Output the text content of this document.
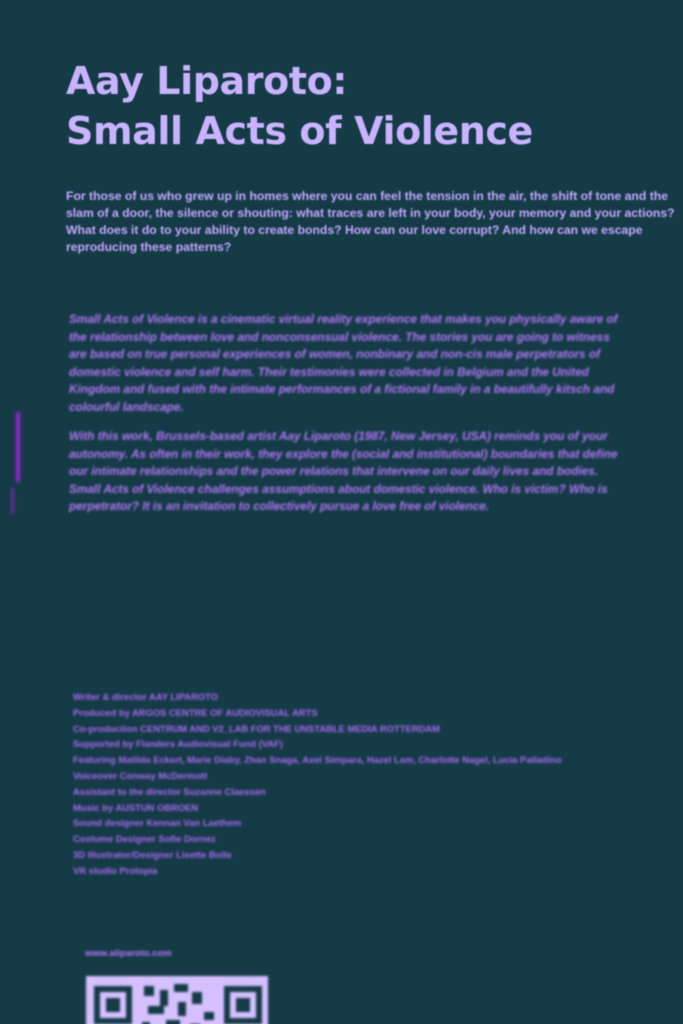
Aay Liparoto:
Small Acts of Violence

For those of us who grew up in homes where you can feel the tension in the air, the shift of tone and the slam of a door, the silence or shouting: what traces are left in your body, your memory and your actions? What does it do to your ability to create bonds? How can our love corrupt? And how can we escape reproducing these patterns?

Small Acts of Violence is a cinematic virtual reality experience that makes you physically aware of the relationship between love and nonconsensual violence. The stories you are going to witness are based on true personal experiences of women, nonbinary and non-cis male perpetrators of domestic violence and self harm. Their testimonies were collected in Belgium and the United Kingdom and fused with the intimate performances of a fictional family in a beautifully kitsch and colourful landscape.

With this work, Brussels-based artist Aay Liparoto (1987, New Jersey, USA) reminds you of your autonomy. As often in their work, they explore the (social and institutional) boundaries that define our intimate relationships and the power relations that intervene on our daily lives and bodies. Small Acts of Violence challenges assumptions about domestic violence. Who is victim? Who is perpetrator? It is an invitation to collectively pursue a love free of violence.

Writer & director AAY LIPAROTO
Produced by ARGOS CENTRE OF AUDIOVISUAL ARTS
Co-production CENTRUM AND V2_LAB FOR THE UNSTABLE MEDIA ROTTERDAM
Supported by Flanders Audiovisual Fund (VAF)
Featuring Matilda Eckert, Marie Diaby, Zhan Snaga, Axel Simpara, Hazel Lam, Charlotte Nagel, Lucia Palladino
Voiceover Conway McDermott
Assistant to the director Suzanne Claessen
Music by AUSTUN OBROEN
Sound designer Kennan Van Laethem
Costume Designer Sofie Dornez
3D Illustrator/Designer Lisette Bolle
VR studio Protopia
www.aliparoto.com
